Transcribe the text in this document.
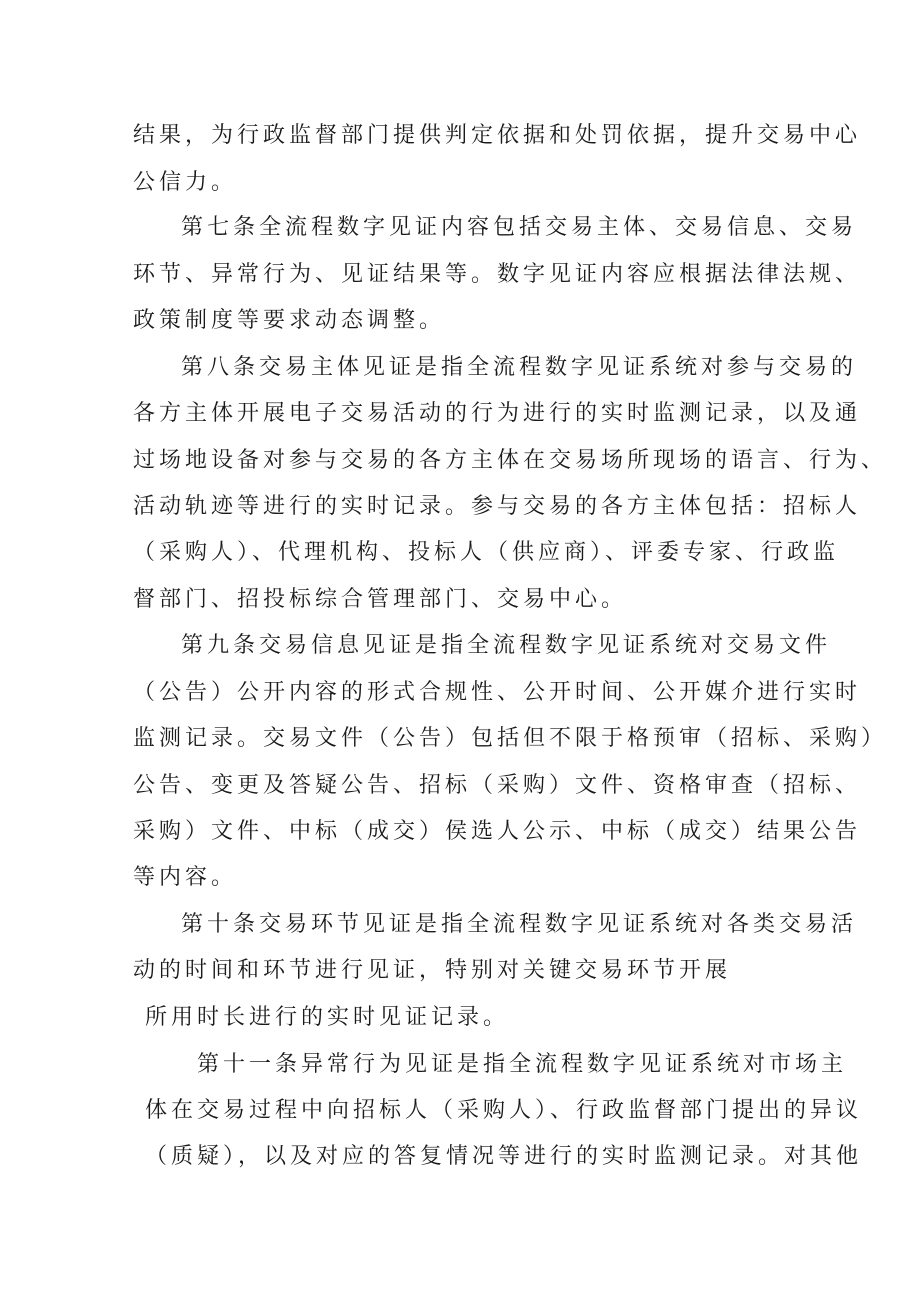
结果，为行政监督部门提供判定依据和处罚依据，提升交易中心
公信力。
第七条全流程数字见证内容包括交易主体、交易信息、交易
环节、异常行为、见证结果等。数字见证内容应根据法律法规、
政策制度等要求动态调整。
第八条交易主体见证是指全流程数字见证系统对参与交易的
各方主体开展电子交易活动的行为进行的实时监测记录，以及通
过场地设备对参与交易的各方主体在交易场所现场的语言、行为、
活动轨迹等进行的实时记录。参与交易的各方主体包括：招标人
（采购人）、代理机构、投标人（供应商）、评委专家、行政监
督部门、招投标综合管理部门、交易中心。
第九条交易信息见证是指全流程数字见证系统对交易文件
（公告）公开内容的形式合规性、公开时间、公开媒介进行实时
监测记录。交易文件（公告）包括但不限于格预审（招标、采购）
公告、变更及答疑公告、招标（采购）文件、资格审查（招标、
采购）文件、中标（成交）侯选人公示、中标（成交）结果公告
等内容。
第十条交易环节见证是指全流程数字见证系统对各类交易活
动的时间和环节进行见证，特别对关键交易环节开展
所用时长进行的实时见证记录。
第十一条异常行为见证是指全流程数字见证系统对市场主
体在交易过程中向招标人（采购人）、行政监督部门提出的异议
（质疑），以及对应的答复情况等进行的实时监测记录。对其他
